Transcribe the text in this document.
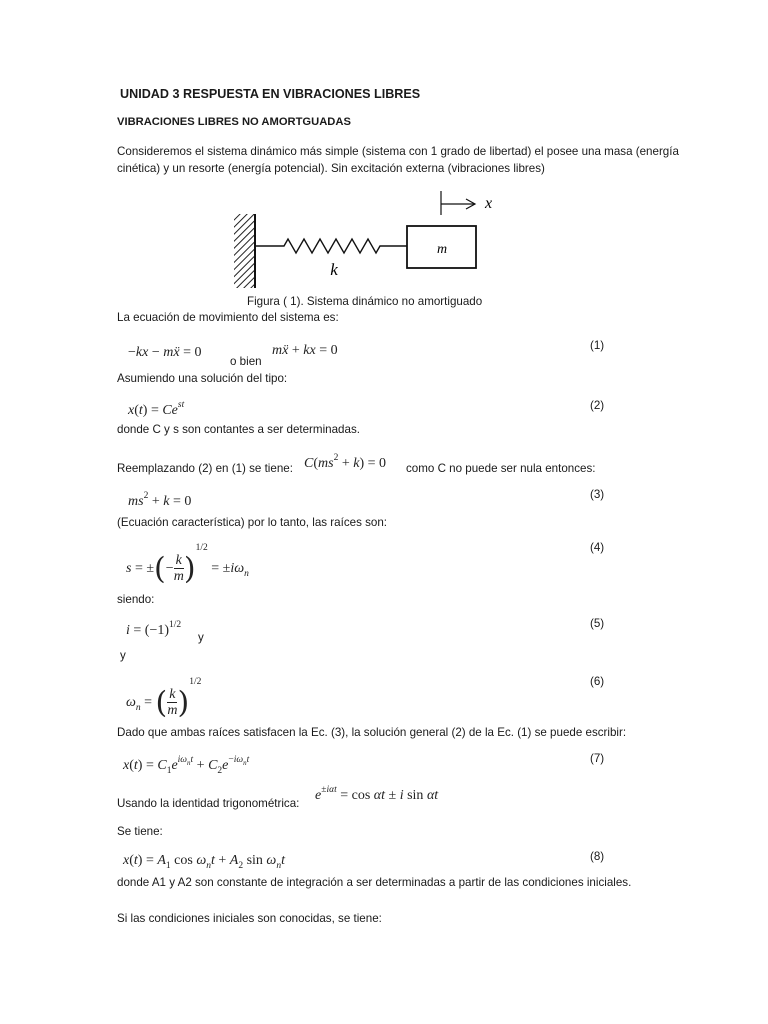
UNIDAD 3 RESPUESTA EN VIBRACIONES LIBRES
VIBRACIONES LIBRES NO AMORTGUADAS
Consideremos el sistema dinámico más simple (sistema con 1 grado de libertad) el posee una masa (energía
cinética) y un resorte (energía potencial). Sin excitación externa (vibraciones libres)
m
k
x
Figura ( 1). Sistema dinámico no amortiguado
La ecuación de movimiento del sistema es:
−kx − mẍ = 0
o bien
mẍ + kx = 0	(1)
Asumiendo una solución del tipo:
$x(t) = Ce^{st}$	(2)
donde C y s son contantes a ser determinadas.
Reemplazando (2) en (1) se tiene: $C(ms^2 + k) = 0$ como C no puede ser nula entonces:
$ms^2 + k = 0$	(3)
(Ecuación característica) por lo tanto, las raíces son:
s = ±(− $\frac{k}{m} )^{1/2} = \pm i\omega_n$
(4)
siendo:
$i = (-1)^{1/2}$
y
(5)
y
$\omega_n$ = ( $\frac{k}{m} )^{1/2}$	(6)
Dado que ambas raíces satisfacen la Ec. (3), la solución general (2) de la Ec. (1) se puede escribir:
$x(t) = C_1e^{i\omega_nt} + C_2e^{-i\omega_nt}$	(7)
Usando la identidad trigonométrica:
$e^{\pm i\alpha t} = \cos \alpha t \pm i$ sin αt
Se tiene:
$x(t) = A_1$ $\cos \omega_nt + A_2$ $\sin \omega_nt$	(8)
donde A1 y A2 son constante de integración a ser determinadas a partir de las condiciones iniciales.
Si las condiciones iniciales son conocidas, se tiene:
